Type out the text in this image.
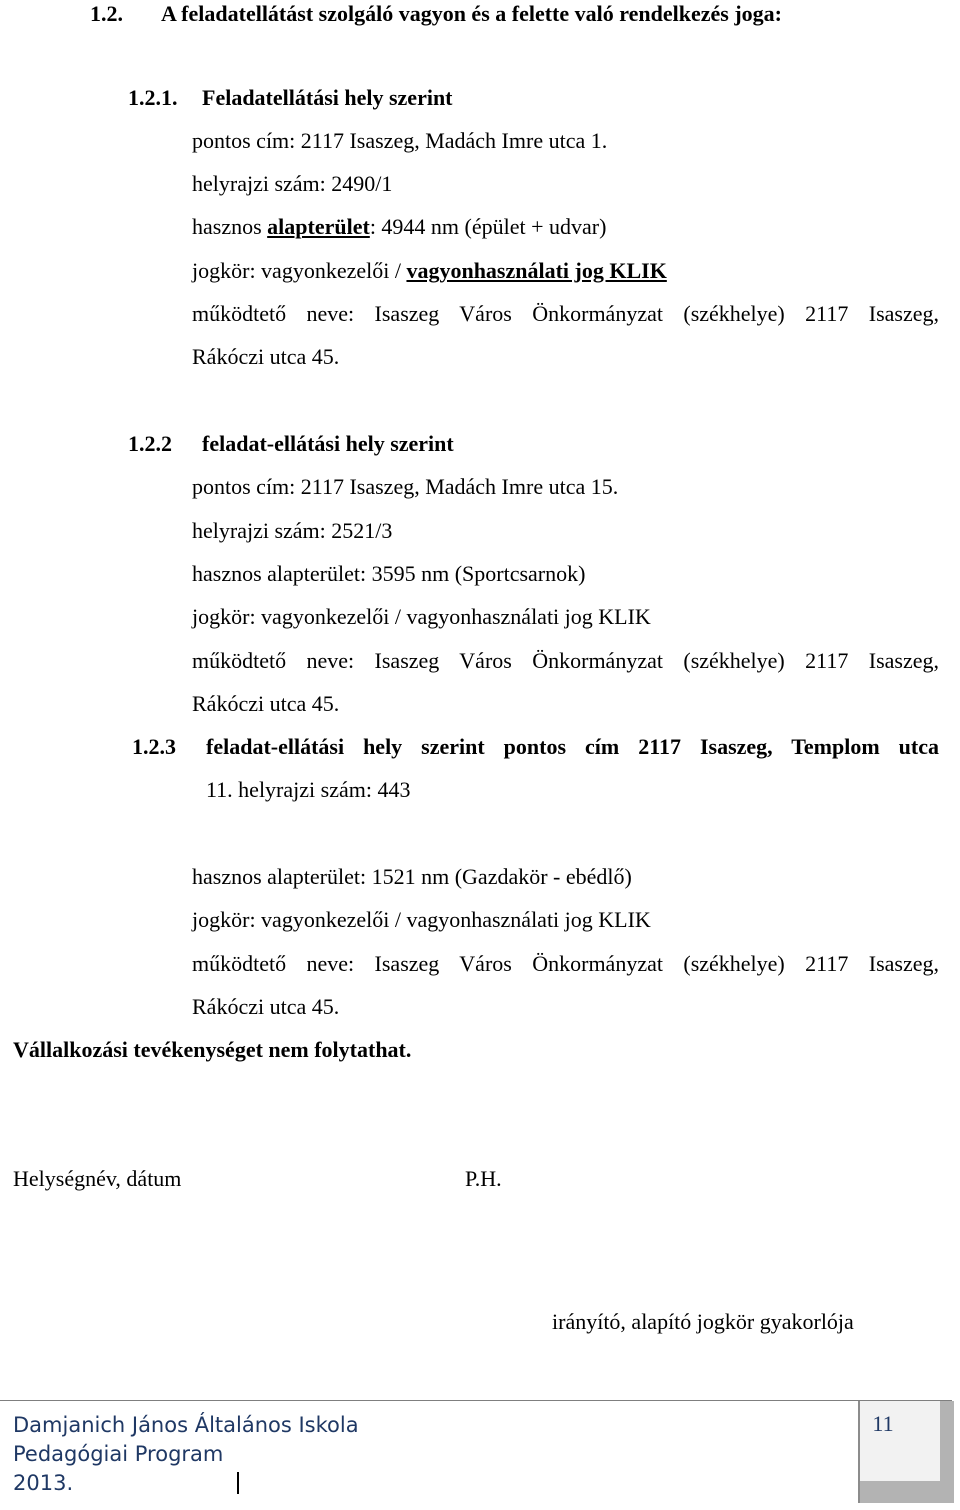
1.2. A feladatellátást szolgáló vagyon és a felette való rendelkezés joga:
1.2.1. Feladatellátási hely szerint
pontos cím: 2117 Isaszeg, Madách Imre utca 1.
helyrajzi szám: 2490/1
hasznos alapterület: 4944 nm (épület + udvar)
jogkör: vagyonkezelői / vagyonhasználati jog KLIK
működtető neve: Isaszeg Város Önkormányzat (székhelye) 2117 Isaszeg,
Rákóczi utca 45.
1.2.2 feladat-ellátási hely szerint
pontos cím: 2117 Isaszeg, Madách Imre utca 15.
helyrajzi szám: 2521/3
hasznos alapterület: 3595 nm (Sportcsarnok)
jogkör: vagyonkezelői / vagyonhasználati jog KLIK
működtető neve: Isaszeg Város Önkormányzat (székhelye) 2117 Isaszeg,
Rákóczi utca 45.
1.2.3 feladat-ellátási hely szerint pontos cím 2117 Isaszeg, Templom utca
11. helyrajzi szám: 443
hasznos alapterület: 1521 nm (Gazdakör - ebédlő)
jogkör: vagyonkezelői / vagyonhasználati jog KLIK
működtető neve: Isaszeg Város Önkormányzat (székhelye) 2117 Isaszeg,
Rákóczi utca 45.
Vállalkozási tevékenységet nem folytathat.
Helységnév, dátum	P.H.
irányító, alapító jogkör gyakorlója
Damjanich János Általános Iskola
Pedagógiai Program
2013.
11
